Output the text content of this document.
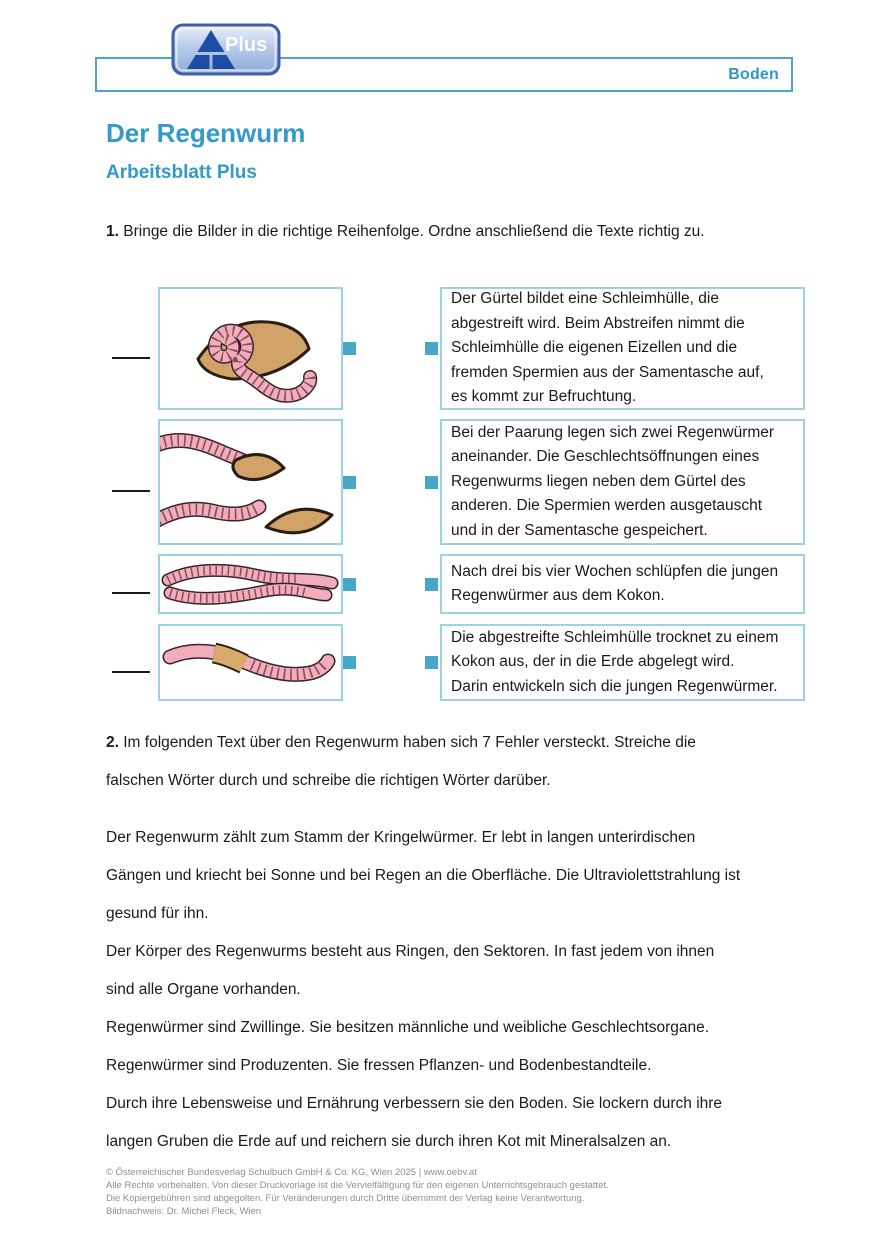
Boden
Plus
Der Regenwurm
Arbeitsblatt Plus
1. Bringe die Bilder in die richtige Reihenfolge. Ordne anschließend die Texte richtig zu.
Der Gürtel bildet eine Schleimhülle, die
abgestreift wird. Beim Abstreifen nimmt die
Schleimhülle die eigenen Eizellen und die
fremden Spermien aus der Samentasche auf,
es kommt zur Befruchtung.
Bei der Paarung legen sich zwei Regenwürmer
aneinander. Die Geschlechtsöffnungen eines
Regenwurms liegen neben dem Gürtel des
anderen. Die Spermien werden ausgetauscht
und in der Samentasche gespeichert.
Nach drei bis vier Wochen schlüpfen die jungen
Regenwürmer aus dem Kokon.
Die abgestreifte Schleimhülle trocknet zu einem
Kokon aus, der in die Erde abgelegt wird.
Darin entwickeln sich die jungen Regenwürmer.
2. Im folgenden Text über den Regenwurm haben sich 7 Fehler versteckt. Streiche die
falschen Wörter durch und schreibe die richtigen Wörter darüber.
Der Regenwurm zählt zum Stamm der Kringelwürmer. Er lebt in langen unterirdischen
Gängen und kriecht bei Sonne und bei Regen an die Oberfläche. Die Ultraviolettstrahlung ist
gesund für ihn.
Der Körper des Regenwurms besteht aus Ringen, den Sektoren. In fast jedem von ihnen
sind alle Organe vorhanden.
Regenwürmer sind Zwillinge. Sie besitzen männliche und weibliche Geschlechtsorgane.
Regenwürmer sind Produzenten. Sie fressen Pflanzen- und Bodenbestandteile.
Durch ihre Lebensweise und Ernährung verbessern sie den Boden. Sie lockern durch ihre
langen Gruben die Erde auf und reichern sie durch ihren Kot mit Mineralsalzen an.
© Österreichischer Bundesverlag Schulbuch GmbH & Co. KG, Wien 2025 | www.oebv.at
Alle Rechte vorbehalten. Von dieser Druckvorlage ist die Vervielfältigung für den eigenen Unterrichtsgebrauch gestattet.
Die Kopiergebühren sind abgegolten. Für Veränderungen durch Dritte übernimmt der Verlag keine Verantwortung.
Bildnachweis: Dr. Michel Fleck, Wien
